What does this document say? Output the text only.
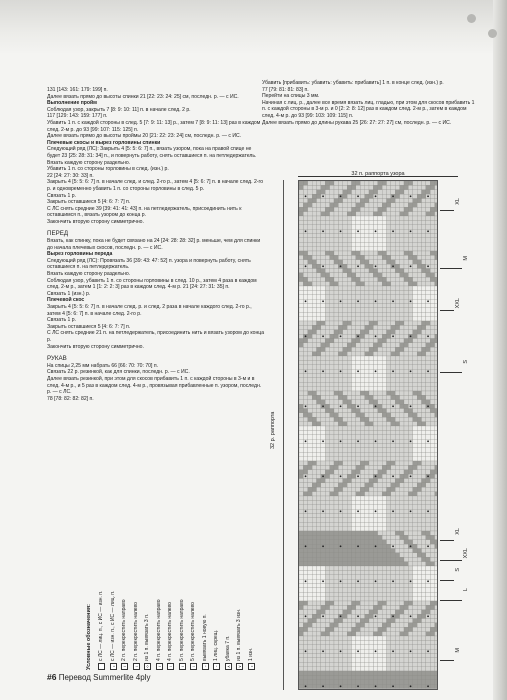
131 [143: 161: 179: 199] п.

Далее вязать прямо до высоты спинки 21 [22: 23: 24: 25] см, последн. р. — с ИС.

Выполнение пройм

Соблюдая узор, закрыть 7 [8: 9: 10: 11] п. в начале след. 2 р.

117 [129: 143: 159: 177] п.

Убавить 1 п. с каждой стороны в след. 5 [7: 9: 11: 13] р., затем 7 [8: 9: 11: 13] раз в каждом след. 2-м р. до 93 [99: 107: 115: 125] п.

Далее вязать прямо до высоты проймы 20 [21: 22: 23: 24] см, последн. р. — с ИС.

Плечевые скосы и вырез горловины спинки

Следующий ряд (ЛС): Закрыть 4 [5: 5: 6: 7] п., вязать узором, пока на правой спице не будет 23 [25: 28: 31: 34] п., и повернуть работу, снять оставшиеся п. на петледержатель.

Вязать каждую сторону раздельно.

Убавить 1 п. со стороны горловины в след. (изн.) р.

22 [24: 27: 30: 33] п.

Закрыть 4 [5: 5: 6: 7] п. в начале след. и след. 2-го р., затем 4 [5: 6: 7] п. в начале след. 2-го р. и одновременно убавить 1 п. со стороны горловины в след. 5 р.

Связать 1 р.

Закрыть оставшиеся 5 [4: 6: 7: 7] п.

С ЛС снять средние 39 [39: 41: 41: 43] п. на петледержатель, присоединить нить к оставшимся п., вязать узором до конца р.

Закончить вторую сторону симметрично.

ПЕРЕД

Вязать, как спинку, пока не будет связано на 24 [24: 28: 28: 32] р. меньше, чем для спинки до начала плечевых скосов, последн. р. — с ИС.

Вырез горловины переда

Следующий ряд (ЛС): Провязать 36 [39: 43: 47: 52] п. узора и повернуть работу, снять оставшиеся п. на петледержатель.

Вязать каждую сторону раздельно.

Соблюдая узор, убавить 1 п. со стороны горловины в след. 10 р., затем 4 раза в каждом след. 2-м р., затем 1 [1: 2: 2: 3] раз в каждом след. 4-м р. 21 [24: 27: 31: 35] п.

Связать 1 (изн.) р.

Плечевой скос

Закрыть 4 [5: 5: 6: 7] п. в начале след. р. и след. 2 раза в начале каждого след. 2-го р., затем 4 [5: 6: 7] п. в начале след. 2-го р.

Связать 1 р.

Закрыть оставшиеся 5 [4: 6: 7: 7] п.

С ЛС снять средние 21 п. на петледержатель, присоединить нить и вязать узором до конца р.

Закончить вторую сторону симметрично.

РУКАВ

На спицы 2,25 мм набрать 66 [66: 70: 70: 70] п.

Связать 22 р. резинкой, как для спинки, последн. р. — с ИС.

Далее вязать резинкой, при этом для скосов прибавить 1 п. с каждой стороны в 3-м и в след. 4-м р., и 5 раз в каждом след. 4-м р., провязывая прибавленные п. узором, последн. р. — с ЛС.

78 [78: 82: 82: 82] п.

Убавить [прибавить: убавить: убавить: прибавить] 1 п. в конце след. (изн.) р.

77 [79: 81: 81: 83] п.

Перейти на спицы 3 мм.

Начиная с лиц. р., далее все время вязать лиц. гладью, при этом для скосов прибавить 1 п. с каждой стороны в 3-м р. и 0 [2: 2: 8: 12] раз в каждом след. 2-м р., затем в каждом след. 4-м р. до 93 [99: 103: 109: 115] п.

Далее вязать прямо до длины рукава 25 [26: 27: 27: 27] см, последн. р. — с ИС.

32 п. раппорта узора
32 р. раппорта
XL
M
XXL
S
XL
XXL
S
L
M
Условные обозначения:	с ЛС — лиц. п., с ИС — изн. п.
•
с ЛС — изн. п., с ИС — лиц. п.
/
2 п. перекрестить направо
\
2 п. перекрестить налево
◊
из 1 п. вывязать 3 п.
/
4 п. перекрестить направо
\
4 п. перекрестить налево
/
5 п. перекрестить направо
\
5 п. перекрестить налево
▫
вывязать 1 новую п.
◦
1 лиц. скрещ.
∧
убавка 7 п.
∨
из 1 п. вывязать 3 изн.
•
1 изн.
#6 Перевод Summerlite 4ply
